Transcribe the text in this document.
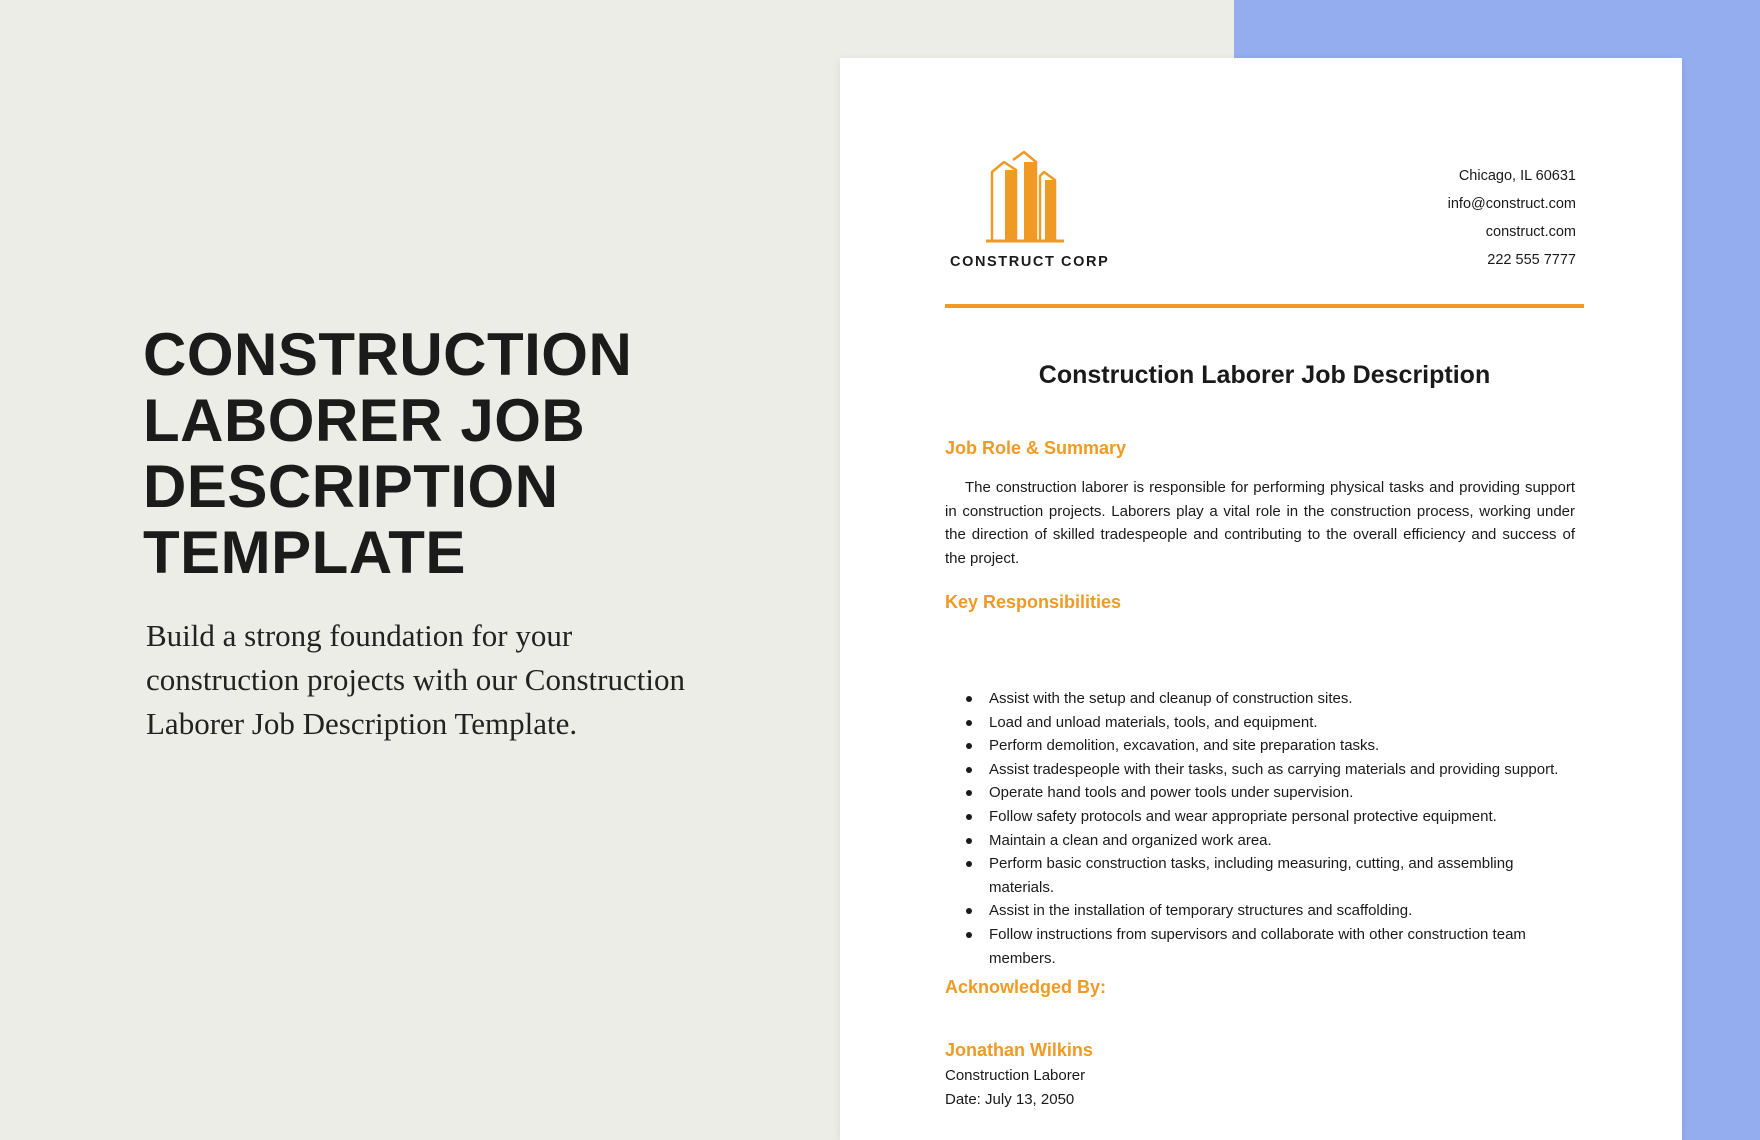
CONSTRUCTION
LABORER JOB
DESCRIPTION
TEMPLATE
Build a strong foundation for your
construction projects with our Construction
Laborer Job Description Template.
CONSTRUCT CORP
Chicago, IL 60631
info@construct.com
construct.com
222 555 7777
Construction Laborer Job Description
Job Role & Summary

The construction laborer is responsible for performing physical tasks and providing support in construction projects. Laborers play a vital role in the construction process, working under the direction of skilled tradespeople and contributing to the overall efficiency and success of the project.

Key Responsibilities
Assist with the setup and cleanup of construction sites.
Load and unload materials, tools, and equipment.
Perform demolition, excavation, and site preparation tasks.
Assist tradespeople with their tasks, such as carrying materials and providing support.
Operate hand tools and power tools under supervision.
Follow safety protocols and wear appropriate personal protective equipment.
Maintain a clean and organized work area.
Perform basic construction tasks, including measuring, cutting, and assembling materials.
Assist in the installation of temporary structures and scaffolding.
Follow instructions from supervisors and collaborate with other construction team members.
Acknowledged By:
Jonathan Wilkins
Construction Laborer
Date: July 13, 2050
